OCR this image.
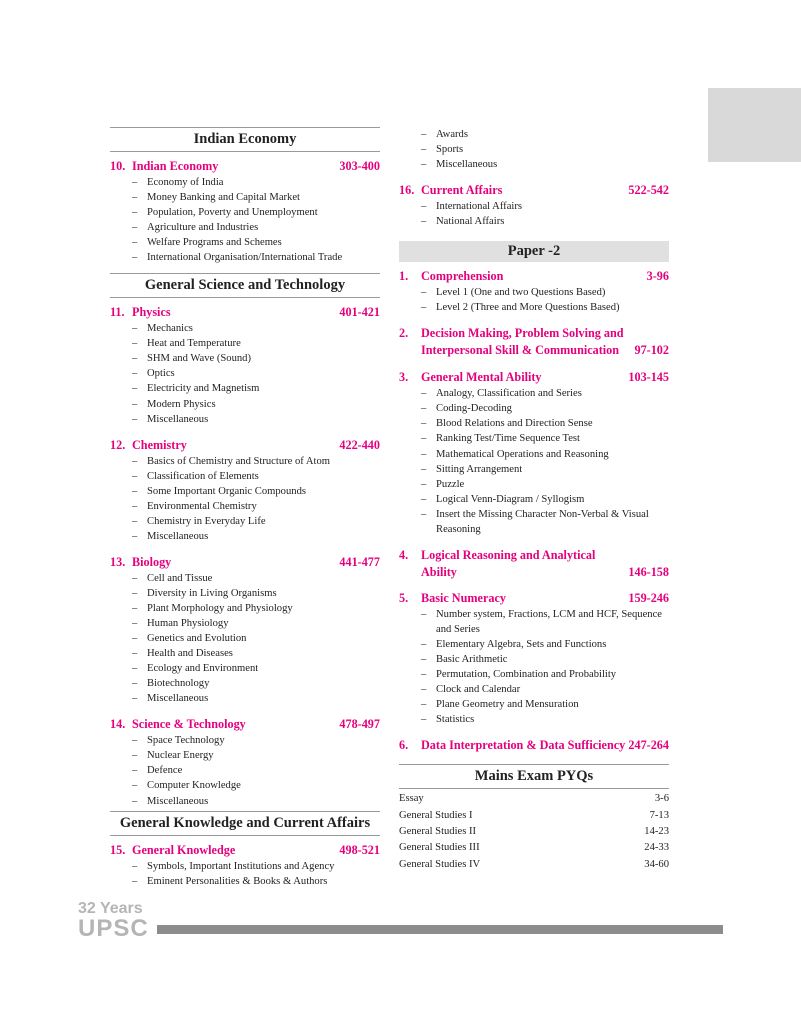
Indian Economy
10. Indian Economy	303-400
– Economy of India
– Money Banking and Capital Market
– Population, Poverty and Unemployment
– Agriculture and Industries
– Welfare Programs and Schemes
– International Organisation/International Trade
General Science and Technology
11. Physics	401-421
– Mechanics
– Heat and Temperature
– SHM and Wave (Sound)
– Optics
– Electricity and Magnetism
– Modern Physics
– Miscellaneous
12. Chemistry	422-440
– Basics of Chemistry and Structure of Atom
– Classification of Elements
– Some Important Organic Compounds
– Environmental Chemistry
– Chemistry in Everyday Life
– Miscellaneous
13. Biology	441-477
– Cell and Tissue
– Diversity in Living Organisms
– Plant Morphology and Physiology
– Human Physiology
– Genetics and Evolution
– Health and Diseases
– Ecology and Environment
– Biotechnology
– Miscellaneous
14. Science & Technology	478-497
– Space Technology
– Nuclear Energy
– Defence
– Computer Knowledge
– Miscellaneous
General Knowledge and Current Affairs
15. General Knowledge	498-521
– Symbols, Important Institutions and Agency
– Eminent Personalities & Books & Authors
– Awards
– Sports
– Miscellaneous
16. Current Affairs	522-542
– International Affairs
– National Affairs
Paper -2
1.	Comprehension	3-96
– Level 1 (One and two Questions Based)
– Level 2 (Three and More Questions Based)
2. Decision Making, Problem Solving and
Interpersonal Skill & Communication 97-102
3.	General Mental Ability	103-145
– Analogy, Classification and Series
– Coding-Decoding
– Blood Relations and Direction Sense
– Ranking Test/Time Sequence Test
– Mathematical Operations and Reasoning
– Sitting Arrangement
– Puzzle
– Logical Venn-Diagram / Syllogism
– Insert the Missing Character Non-Verbal & Visual Reasoning
4. Logical Reasoning and Analytical
Ability	146-158
5.	Basic Numeracy	159-246
– Number system, Fractions, LCM and HCF, Sequence and Series
– Elementary Algebra, Sets and Functions
– Basic Arithmetic
– Permutation, Combination and Probability
– Clock and Calendar
– Plane Geometry and Mensuration
– Statistics
6.	Data Interpretation & Data Sufficiency 247-264
Mains Exam PYQs
Essay	3-6
General Studies I	7-13
General Studies II	14-23
General Studies III	24-33
General Studies IV	34-60
32 Years
UPSC
